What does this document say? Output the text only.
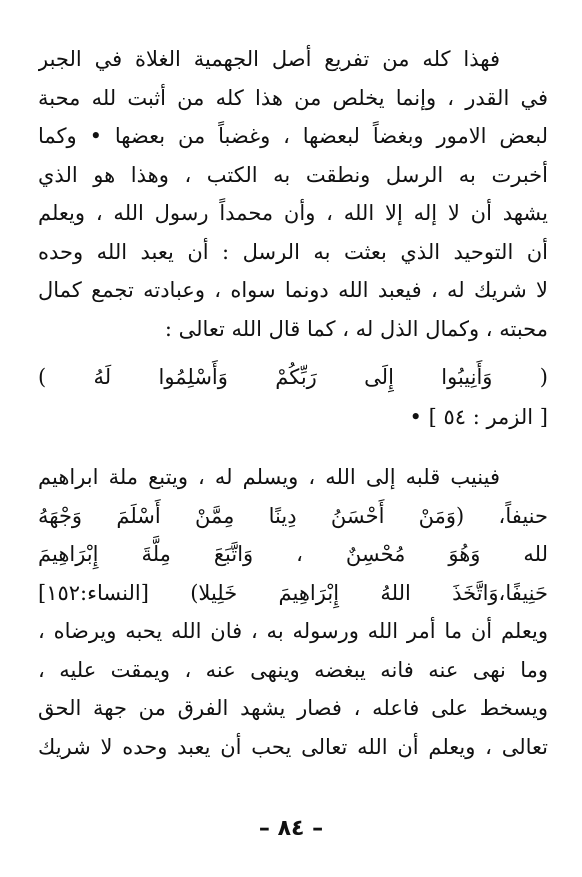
فهذا كله من تفريع أصل الجهمية الغلاة في الجبر
في القدر ، وإنما يخلص من هذا كله من أثبت لله محبة
لبعض الامور وبغضاً لبعضها ، وغضباً من بعضها • وكما
أخبرت به الرسل ونطقت به الكتب ، وهذا هو الذي
يشهد أن لا إله إلا الله ، وأن محمداً رسول الله ، ويعلم
أن التوحيد الذي بعثت به الرسل : أن يعبد الله وحده
لا شريك له ، فيعبد الله دونما سواه ، وعبادته تجمع كمال
محبته ، وكمال الذل له ، كما قال الله تعالى :
( وَأَنِيبُوا إِلَى رَبِّكُمْ وَأَسْلِمُوا لَهُ )
[ الزمر : ٥٤ ] •
فينيب قلبه إلى الله ، ويسلم له ، ويتبع ملة ابراهيم
حنيفاً، (وَمَنْ أَحْسَنُ دِينًا مِمَّنْ أَسْلَمَ وَجْهَهُ
لله وَهُوَ مُحْسِنٌ ، وَاتَّبَعَ مِلَّةَ إِبْرَاهِيمَ
حَنِيفًا،وَاتَّخَذَ اللهُ إِبْرَاهِيمَ خَلِيلا) [النساء:١٥٢]
ويعلم أن ما أمر الله ورسوله به ، فان الله يحبه ويرضاه ،
وما نهى عنه فانه يبغضه وينهى عنه ، ويمقت عليه ،
ويسخط على فاعله ، فصار يشهد الفرق من جهة الحق
تعالى ، ويعلم أن الله تعالى يحب أن يعبد وحده لا شريك
– ٨٤ –
